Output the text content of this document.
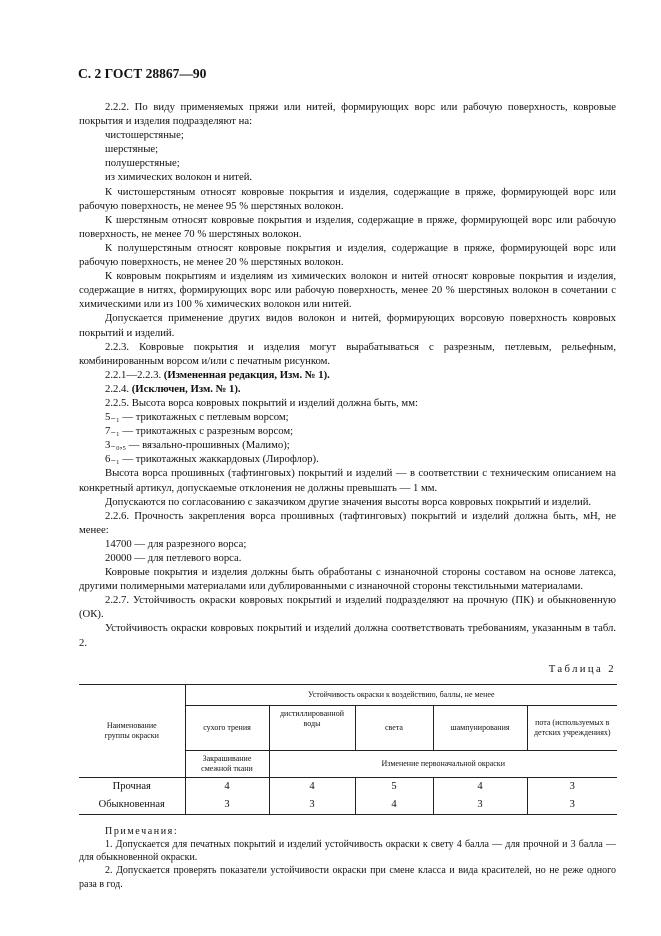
С. 2 ГОСТ 28867—90

2.2.2. По виду применяемых пряжи или нитей, формирующих ворс или рабочую поверхность, ковровые покрытия и изделия подразделяют на:

чистошерстяные;

шерстяные;

полушерстяные;

из химических волокон и нитей.

К чистошерстяным относят ковровые покрытия и изделия, содержащие в пряже, формирующей ворс или рабочую поверхность, не менее 95 % шерстяных волокон.

К шерстяным относят ковровые покрытия и изделия, содержащие в пряже, формирующей ворс или рабочую поверхность, не менее 70 % шерстяных волокон.

К полушерстяным относят ковровые покрытия и изделия, содержащие в пряже, формирующей ворс или рабочую поверхность, не менее 20 % шерстяных волокон.

К ковровым покрытиям и изделиям из химических волокон и нитей относят ковровые покрытия и изделия, содержащие в нитях, формирующих ворс или рабочую поверхность, менее 20 % шерстяных волокон в сочетании с химическими или из 100 % химических волокон или нитей.

Допускается применение других видов волокон и нитей, формирующих ворсовую поверхность ковровых покрытий и изделий.

2.2.3. Ковровые покрытия и изделия могут вырабатываться с разрезным, петлевым, рельефным, комбинированным ворсом и/или с печатным рисунком.

2.2.1—2.2.3. (Измененная редакция, Изм. № 1).

2.2.4. (Исключен, Изм. № 1).

2.2.5. Высота ворса ковровых покрытий и изделий должна быть, мм:

5₋₁ — трикотажных с петлевым ворсом;

7₋₁ — трикотажных с разрезным ворсом;

3₋₀,₅ — вязально-прошивных (Малимо);

6₋₁ — трикотажных жаккардовых (Лирофлор).

Высота ворса прошивных (тафтинговых) покрытий и изделий — в соответствии с техническим описанием на конкретный артикул, допускаемые отклонения не должны превышать — 1 мм.

Допускаются по согласованию с заказчиком другие значения высоты ворса ковровых покрытий и изделий.

2.2.6. Прочность закрепления ворса прошивных (тафтинговых) покрытий и изделий должна быть, мН, не менее:

14700 — для разрезного ворса;

20000 — для петлевого ворса.

Ковровые покрытия и изделия должны быть обработаны с изнаночной стороны составом на основе латекса, другими полимерными материалами или дублированными с изнаночной стороны текстильными материалами.

2.2.7. Устойчивость окраски ковровых покрытий и изделий подразделяют на прочную (ПК) и обыкновенную (ОК).

Устойчивость окраски ковровых покрытий и изделий должна соответствовать требованиям, указанным в табл. 2.

Таблица 2
Наименование группы окраски	Устойчивость окраски к воздействию, баллы, не менее				
	сухого трения	дистиллированной воды	света	шампунирования	пота (используемых в детских учреждениях)
	Закрашивание смежной ткани	Изменение первоначальной окраски			
Прочная	4	4	5	4	3
Обыкновенная	3	3	4	3	3

Примечания:

1. Допускается для печатных покрытий и изделий устойчивость окраски к свету 4 балла — для прочной и 3 балла — для обыкновенной окраски.

2. Допускается проверять показатели устойчивости окраски при смене класса и вида красителей, но не реже одного раза в год.
